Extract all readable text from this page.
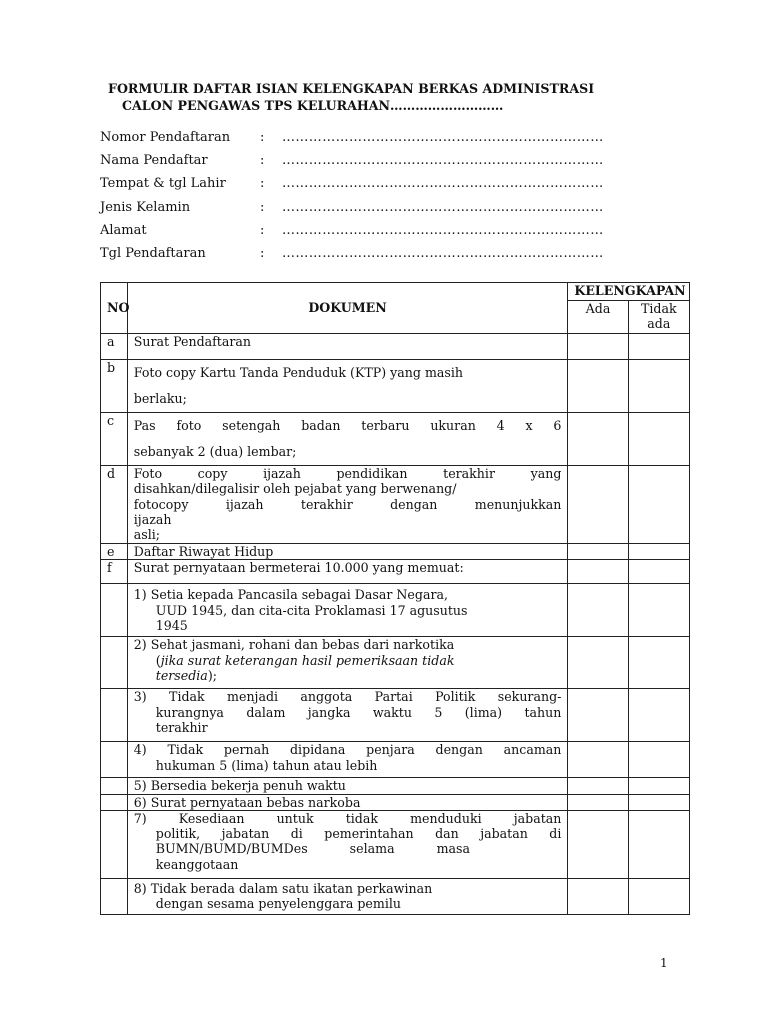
FORMULIR DAFTAR ISIAN KELENGKAPAN BERKAS ADMINISTRASI
CALON PENGAWAS TPS KELURAHAN………………………
Nomor Pendaftaran	:	………………………………………………………………
Nama Pendaftar	:	………………………………………………………………
Tempat & tgl Lahir	:	………………………………………………………………
Jenis Kelamin	:	………………………………………………………………
Alamat	:	………………………………………………………………
Tgl Pendaftaran	:	………………………………………………………………
NO	DOKUMEN	KELENGKAPAN	
		Ada	Tidak
ada
a	Surat Pendaftaran		
b	Foto copy Kartu Tanda Penduduk (KTP) yang masih
berlaku;		
c	Pas foto setengah badan terbaru ukuran 4 x 6
sebanyak 2 (dua) lembar;		

d	Foto copy ijazah pendidikan terakhir yang
disahkan/dilegalisir oleh pejabat yang berwenang/
fotocopy ijazah terakhir dengan menunjukkan
ijazah
asli;		

e	Daftar Riwayat Hidup		
f	Surat pernyataan bermeterai 10.000 yang memuat:		
	1) Setia kepada Pancasila sebagai Dasar Negara,
UUD 1945, dan cita-cita Proklamasi 17 agusutus
1945		

	2) Sehat jasmani, rohani dan bebas dari narkotika
(jika surat keterangan hasil pemeriksaan tidak
tersedia);		

	3) Tidak menjadi anggota Partai Politik sekurang-
kurangnya dalam jangka waktu 5 (lima) tahun
terakhir		

	4) Tidak pernah dipidana penjara dengan ancaman
hukuman 5 (lima) tahun atau lebih		

	5) Bersedia bekerja penuh waktu		
	6) Surat pernyataan bebas narkoba		

	7) Kesediaan untuk tidak menduduki jabatan
politik, jabatan di pemerintahan dan jabatan di
BUMN/BUMD/BUMDes selama masa
keanggotaan		

	8) Tidak berada dalam satu ikatan perkawinan
dengan sesama penyelenggara pemilu		

1
